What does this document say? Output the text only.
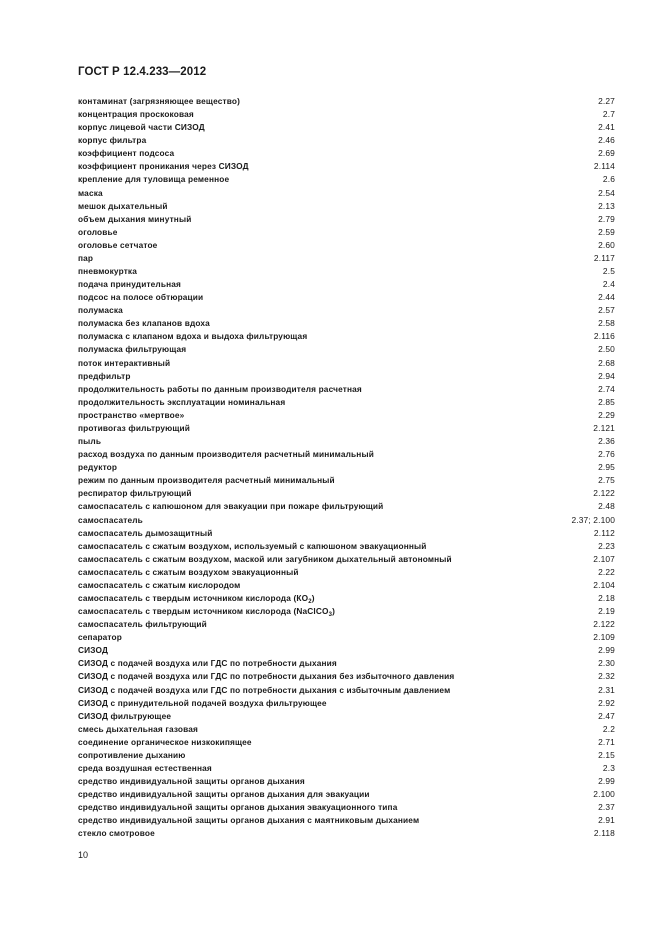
ГОСТ Р 12.4.233—2012
контаминат (загрязняющее вещество)	2.27
концентрация проскоковая	2.7
корпус лицевой части СИЗОД	2.41
корпус фильтра	2.46
коэффициент подсоса	2.69
коэффициент проникания через СИЗОД	2.114
крепление для туловища ременное	2.6
маска	2.54
мешок дыхательный	2.13
объем дыхания минутный	2.79
оголовье	2.59
оголовье сетчатое	2.60
пар	2.117
пневмокуртка	2.5
подача принудительная	2.4
подсос на полосе обтюрации	2.44
полумаска	2.57
полумаска без клапанов вдоха	2.58
полумаска с клапаном вдоха и выдоха фильтрующая	2.116
полумаска фильтрующая	2.50
поток интерактивный	2.68
предфильтр	2.94
продолжительность работы по данным производителя расчетная	2.74
продолжительность эксплуатации номинальная	2.85
пространство «мертвое»	2.29
противогаз фильтрующий	2.121
пыль	2.36
расход воздуха по данным производителя расчетный минимальный	2.76
редуктор	2.95
режим по данным производителя расчетный минимальный	2.75
респиратор фильтрующий	2.122
самоспасатель с капюшоном для эвакуации при пожаре фильтрующий	2.48
самоспасатель	2.37; 2.100
самоспасатель дымозащитный	2.112
самоспасатель с сжатым воздухом, используемый с капюшоном эвакуационный	2.23
самоспасатель с сжатым воздухом, маской или загубником дыхательный автономный	2.107
самоспасатель с сжатым воздухом эвакуационный	2.22
самоспасатель с сжатым кислородом	2.104
самоспасатель с твердым источником кислорода $(КО_2)$	2.18
самоспасатель с твердым источником кислорода (NaClCO$_3$)	2.19
самоспасатель фильтрующий	2.122
сепаратор	2.109
СИЗОД	2.99
СИЗОД с подачей воздуха или ГДС по потребности дыхания	2.30
СИЗОД с подачей воздуха или ГДС по потребности дыхания без избыточного давления	2.32
СИЗОД с подачей воздуха или ГДС по потребности дыхания с избыточным давлением	2.31
СИЗОД с принудительной подачей воздуха фильтрующее	2.92
СИЗОД фильтрующее	2.47
смесь дыхательная газовая	2.2
соединение органическое низкокипящее	2.71
сопротивление дыханию	2.15
среда воздушная естественная	2.3
средство индивидуальной защиты органов дыхания	2.99
средство индивидуальной защиты органов дыхания для эвакуации	2.100
средство индивидуальной защиты органов дыхания эвакуационного типа	2.37
средство индивидуальной защиты органов дыхания с маятниковым дыханием	2.91
стекло смотровое	2.118
10
